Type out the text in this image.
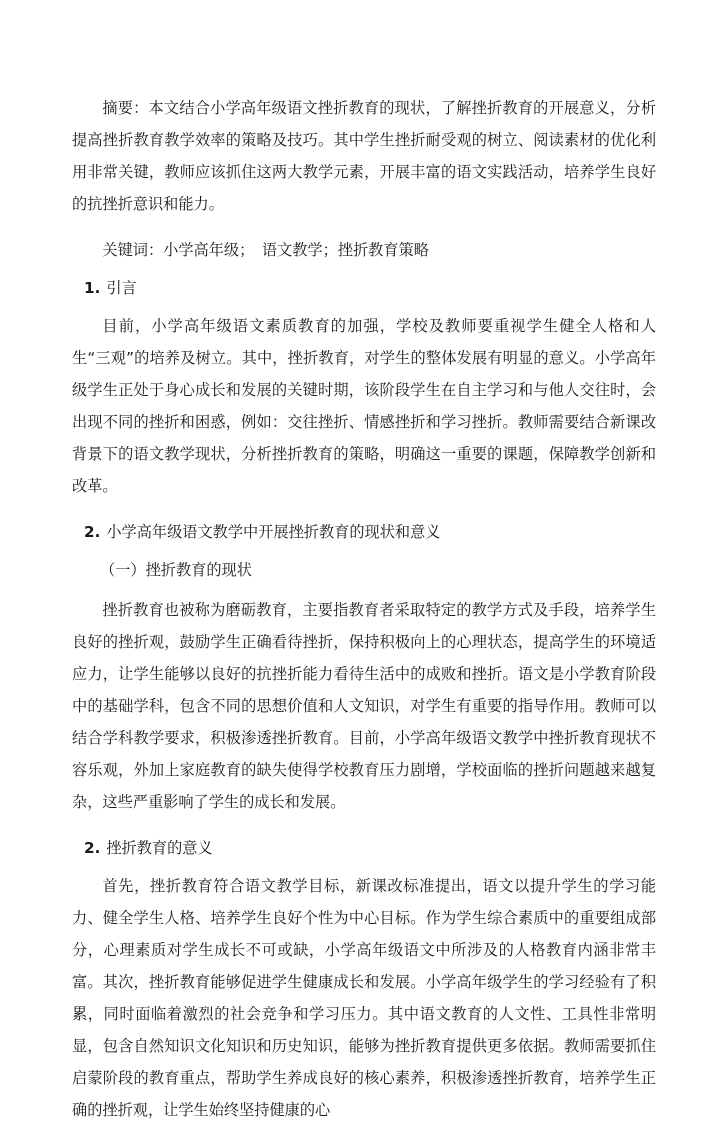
摘要：本文结合小学高年级语文挫折教育的现状，了解挫折教育的开展意义，分析提高挫折教育教学效率的策略及技巧。其中学生挫折耐受观的树立、阅读素材的优化利用非常关键，教师应该抓住这两大教学元素，开展丰富的语文实践活动，培养学生良好的抗挫折意识和能力。

关键词：小学高年级；　语文教学；挫折教育策略

1. 引言

目前，小学高年级语文素质教育的加强，学校及教师要重视学生健全人格和人生“三观”的培养及树立。其中，挫折教育，对学生的整体发展有明显的意义。小学高年级学生正处于身心成长和发展的关键时期，该阶段学生在自主学习和与他人交往时，会出现不同的挫折和困惑，例如：交往挫折、情感挫折和学习挫折。教师需要结合新课改背景下的语文教学现状，分析挫折教育的策略，明确这一重要的课题，保障教学创新和改革。

2. 小学高年级语文教学中开展挫折教育的现状和意义
（一）挫折教育的现状

挫折教育也被称为磨砺教育，主要指教育者采取特定的教学方式及手段，培养学生良好的挫折观，鼓励学生正确看待挫折，保持积极向上的心理状态，提高学生的环境适应力，让学生能够以良好的抗挫折能力看待生活中的成败和挫折。语文是小学教育阶段中的基础学科，包含不同的思想价值和人文知识，对学生有重要的指导作用。教师可以结合学科教学要求，积极渗透挫折教育。目前，小学高年级语文教学中挫折教育现状不容乐观，外加上家庭教育的缺失使得学校教育压力剧增，学校面临的挫折问题越来越复杂，这些严重影响了学生的成长和发展。

2. 挫折教育的意义

首先，挫折教育符合语文教学目标，新课改标准提出，语文以提升学生的学习能力、健全学生人格、培养学生良好个性为中心目标。作为学生综合素质中的重要组成部分，心理素质对学生成长不可或缺，小学高年级语文中所涉及的人格教育内涵非常丰富。其次，挫折教育能够促进学生健康成长和发展。小学高年级学生的学习经验有了积累，同时面临着激烈的社会竞争和学习压力。其中语文教育的人文性、工具性非常明显，包含自然知识文化知识和历史知识，能够为挫折教育提供更多依据。教师需要抓住启蒙阶段的教育重点，帮助学生养成良好的核心素养，积极渗透挫折教育，培养学生正确的挫折观，让学生始终坚持健康的心
